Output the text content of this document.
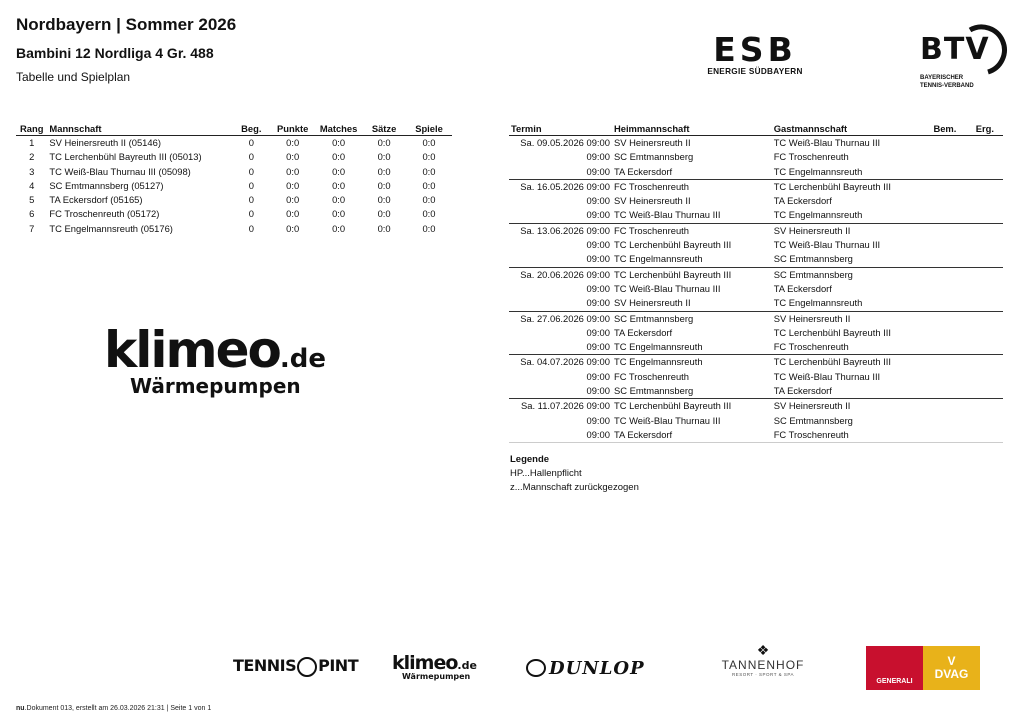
Nordbayern | Sommer 2026
Bambini 12 Nordliga 4 Gr. 488
Tabelle und Spielplan
ESB
ENERGIE SÜDBAYERN
BTV
BAYERISCHER
TENNIS-VERBAND
Rang	Mannschaft	Beg.	Punkte	Matches	Sätze	Spiele
1	SV Heinersreuth II (05146)	0	0:0	0:0	0:0	0:0
2	TC Lerchenbühl Bayreuth III (05013)	0	0:0	0:0	0:0	0:0
3	TC Weiß-Blau Thurnau III (05098)	0	0:0	0:0	0:0	0:0
4	SC Emtmannsberg (05127)	0	0:0	0:0	0:0	0:0
5	TA Eckersdorf (05165)	0	0:0	0:0	0:0	0:0
6	FC Troschenreuth (05172)	0	0:0	0:0	0:0	0:0
7	TC Engelmannsreuth (05176)	0	0:0	0:0	0:0	0:0
Termin	Heimmannschaft	Gastmannschaft	Bem.	Erg.
Sa. 09.05.2026 09:00	SV Heinersreuth II	TC Weiß-Blau Thurnau III		
09:00	SC Emtmannsberg	FC Troschenreuth		
09:00	TA Eckersdorf	TC Engelmannsreuth		
Sa. 16.05.2026 09:00	FC Troschenreuth	TC Lerchenbühl Bayreuth III		
09:00	SV Heinersreuth II	TA Eckersdorf		
09:00	TC Weiß-Blau Thurnau III	TC Engelmannsreuth		
Sa. 13.06.2026 09:00	FC Troschenreuth	SV Heinersreuth II		
09:00	TC Lerchenbühl Bayreuth III	TC Weiß-Blau Thurnau III		
09:00	TC Engelmannsreuth	SC Emtmannsberg		
Sa. 20.06.2026 09:00	TC Lerchenbühl Bayreuth III	SC Emtmannsberg		
09:00	TC Weiß-Blau Thurnau III	TA Eckersdorf		
09:00	SV Heinersreuth II	TC Engelmannsreuth		
Sa. 27.06.2026 09:00	SC Emtmannsberg	SV Heinersreuth II		
09:00	TA Eckersdorf	TC Lerchenbühl Bayreuth III		
09:00	TC Engelmannsreuth	FC Troschenreuth		
Sa. 04.07.2026 09:00	TC Engelmannsreuth	TC Lerchenbühl Bayreuth III		
09:00	FC Troschenreuth	TC Weiß-Blau Thurnau III		
09:00	SC Emtmannsberg	TA Eckersdorf		
Sa. 11.07.2026 09:00	TC Lerchenbühl Bayreuth III	SV Heinersreuth II		
09:00	TC Weiß-Blau Thurnau III	SC Emtmannsberg		
09:00	TA Eckersdorf	FC Troschenreuth		
klimeo.de
Wärmepumpen
Legende
HP...Hallenpflicht
z...Mannschaft zurückgezogen
TENNIS PINT klimeo.de
Wärmepumpen	DUNLOP
❖
TANNENHOF
RESORT · SPORT & SPA
GENERALI
V
DVAG
nu.Dokument 013, erstellt am 26.03.2026 21:31 | Seite 1 von 1
